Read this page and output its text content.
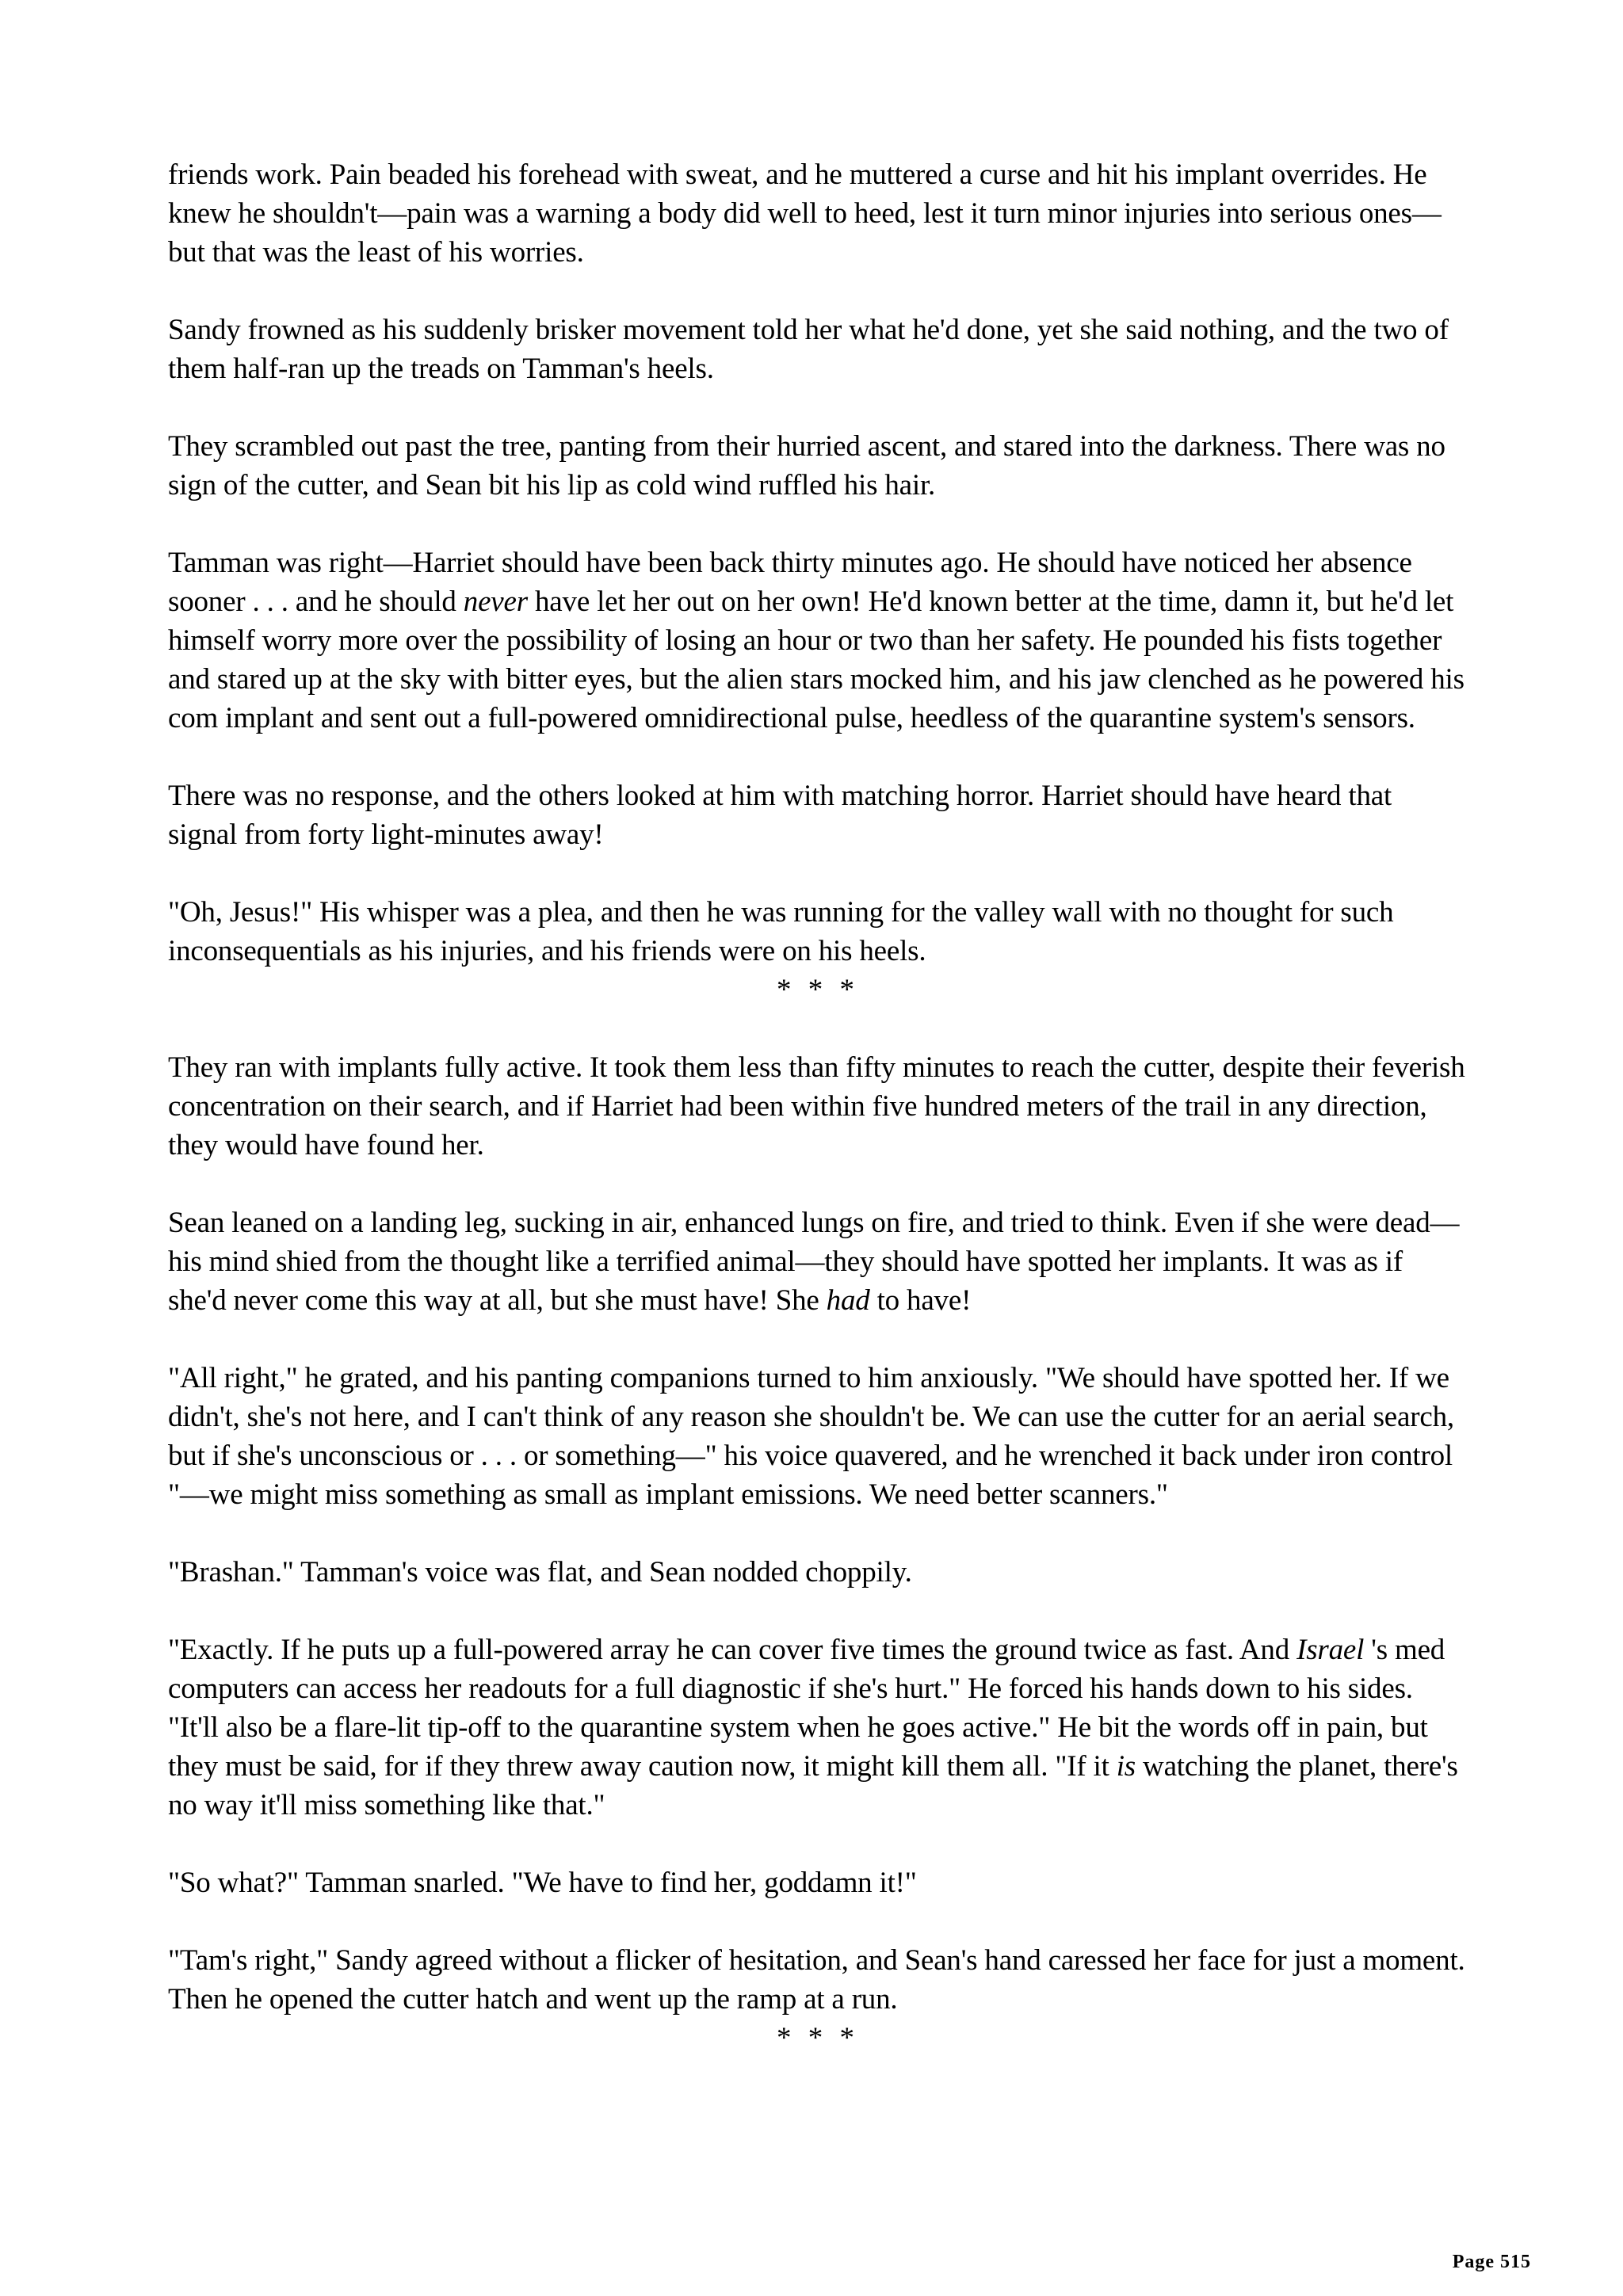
friends work. Pain beaded his forehead with sweat, and he muttered a curse and hit his implant overrides. He knew he shouldn't—pain was a warning a body did well to heed, lest it turn minor injuries into serious ones—but that was the least of his worries.

Sandy frowned as his suddenly brisker movement told her what he'd done, yet she said nothing, and the two of them half-ran up the treads on Tamman's heels.

They scrambled out past the tree, panting from their hurried ascent, and stared into the darkness. There was no sign of the cutter, and Sean bit his lip as cold wind ruffled his hair.

Tamman was right—Harriet should have been back thirty minutes ago. He should have noticed her absence sooner . . . and he should never have let her out on her own! He'd known better at the time, damn it, but he'd let himself worry more over the possibility of losing an hour or two than her safety. He pounded his fists together and stared up at the sky with bitter eyes, but the alien stars mocked him, and his jaw clenched as he powered his com implant and sent out a full-powered omnidirectional pulse, heedless of the quarantine system's sensors.

There was no response, and the others looked at him with matching horror. Harriet should have heard that signal from forty light-minutes away!

"Oh, Jesus!" His whisper was a plea, and then he was running for the valley wall with no thought for such inconsequentials as his injuries, and his friends were on his heels.

* * *

They ran with implants fully active. It took them less than fifty minutes to reach the cutter, despite their feverish concentration on their search, and if Harriet had been within five hundred meters of the trail in any direction, they would have found her.

Sean leaned on a landing leg, sucking in air, enhanced lungs on fire, and tried to think. Even if she were dead—his mind shied from the thought like a terrified animal—they should have spotted her implants. It was as if she'd never come this way at all, but she must have! She had to have!

"All right," he grated, and his panting companions turned to him anxiously. "We should have spotted her. If we didn't, she's not here, and I can't think of any reason she shouldn't be. We can use the cutter for an aerial search, but if she's unconscious or . . . or something—" his voice quavered, and he wrenched it back under iron control "—we might miss something as small as implant emissions. We need better scanners."

"Brashan." Tamman's voice was flat, and Sean nodded choppily.

"Exactly. If he puts up a full-powered array he can cover five times the ground twice as fast. And Israel 's med computers can access her readouts for a full diagnostic if she's hurt." He forced his hands down to his sides. "It'll also be a flare-lit tip-off to the quarantine system when he goes active." He bit the words off in pain, but they must be said, for if they threw away caution now, it might kill them all. "If it is watching the planet, there's no way it'll miss something like that."

"So what?" Tamman snarled. "We have to find her, goddamn it!"

"Tam's right," Sandy agreed without a flicker of hesitation, and Sean's hand caressed her face for just a moment. Then he opened the cutter hatch and went up the ramp at a run.

* * *
Page 515
